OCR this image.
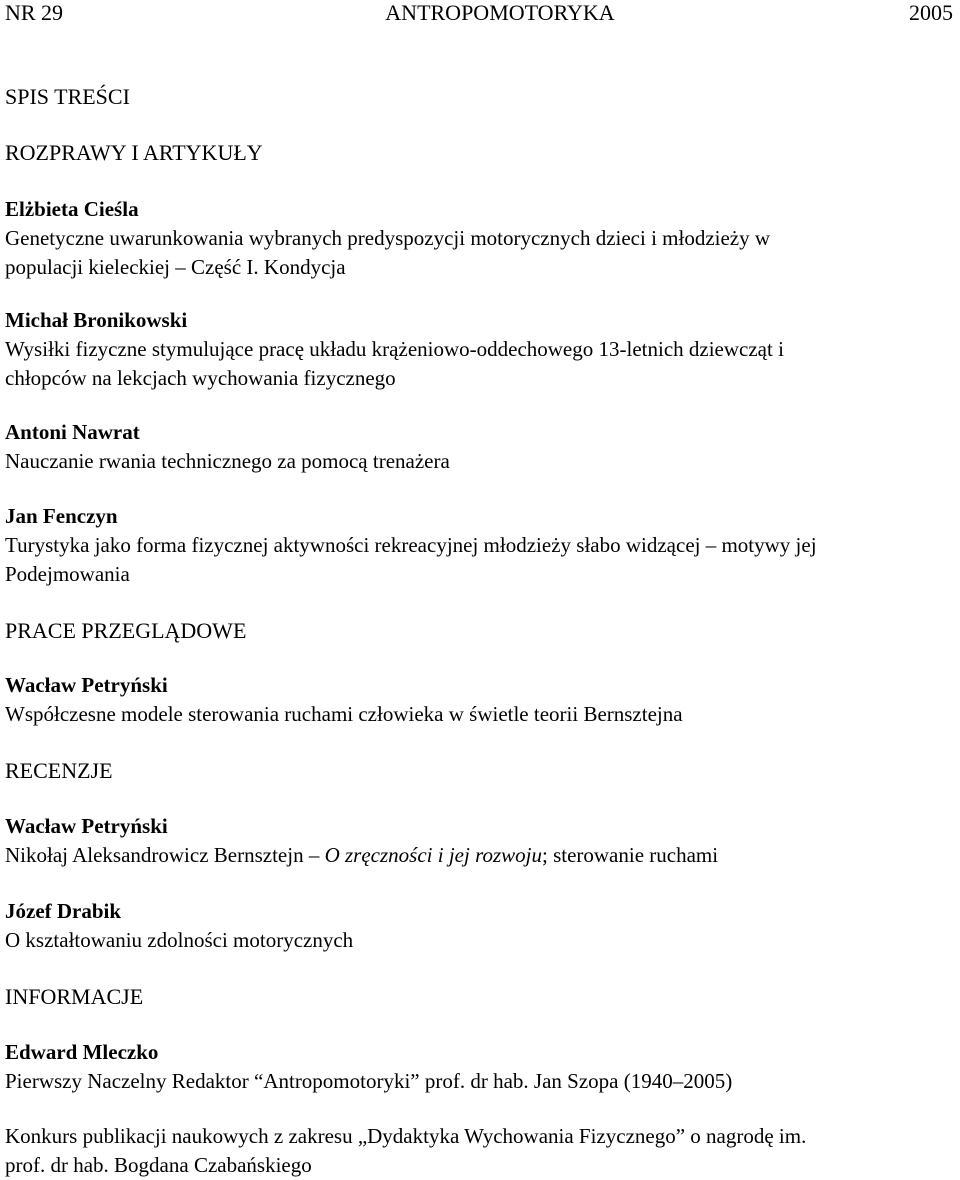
NR 29	ANTROPOMOTORYKA	2005
SPIS TREŚCI
ROZPRAWY I ARTYKUŁY
Elżbieta Cieśla
Genetyczne uwarunkowania wybranych predyspozycji motorycznych dzieci i młodzieży w
populacji kieleckiej – Część I. Kondycja
Michał Bronikowski
Wysiłki fizyczne stymulujące pracę układu krążeniowo-oddechowego 13-letnich dziewcząt i
chłopców na lekcjach wychowania fizycznego
Antoni Nawrat
Nauczanie rwania technicznego za pomocą trenażera
Jan Fenczyn
Turystyka jako forma fizycznej aktywności rekreacyjnej młodzieży słabo widzącej – motywy jej
Podejmowania
PRACE PRZEGLĄDOWE
Wacław Petryński
Współczesne modele sterowania ruchami człowieka w świetle teorii Bernsztejna
RECENZJE
Wacław Petryński
Nikołaj Aleksandrowicz Bernsztejn – O zręczności i jej rozwoju; sterowanie ruchami
Józef Drabik
O kształtowaniu zdolności motorycznych
INFORMACJE
Edward Mleczko
Pierwszy Naczelny Redaktor “Antropomotoryki” prof. dr hab. Jan Szopa (1940–2005)
Konkurs publikacji naukowych z zakresu „Dydaktyka Wychowania Fizycznego” o nagrodę im.
prof. dr hab. Bogdana Czabańskiego
